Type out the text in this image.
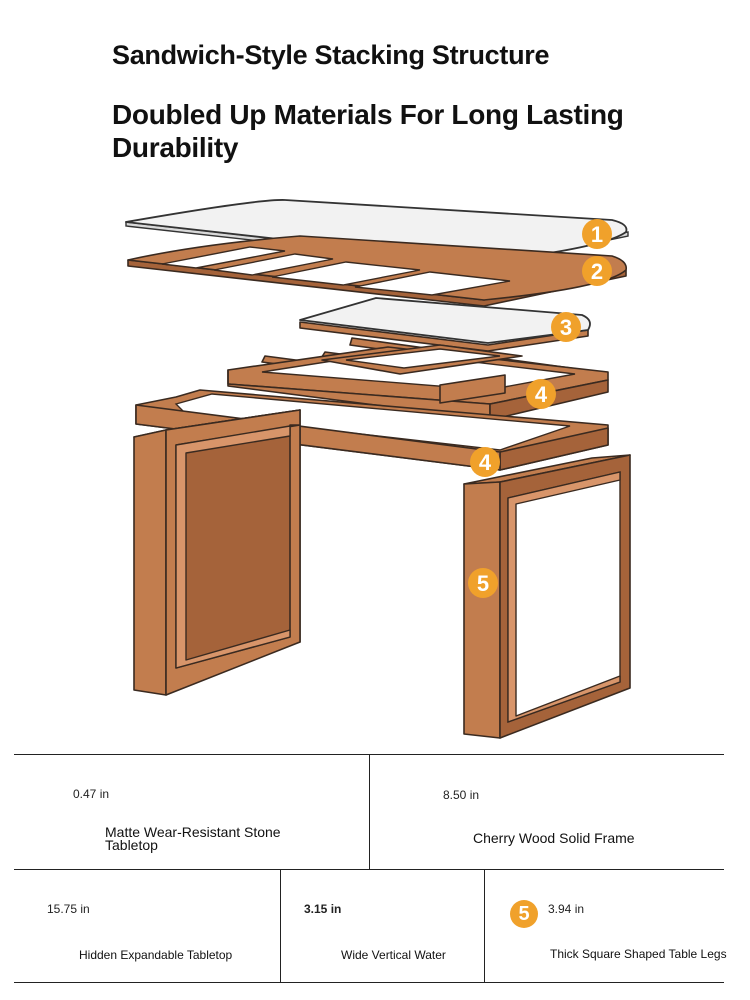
Sandwich-Style Stacking Structure
Doubled Up Materials For Long Lasting Durability
1
2
3
4
4
5
0.47 in
Matte Wear-Resistant Stone Tabletop
8.50 in
Cherry Wood Solid Frame
15.75 in
Hidden Expandable Tabletop
3.15 in
Wide Vertical Water
5	3.94 in
Thick Square Shaped Table Legs
